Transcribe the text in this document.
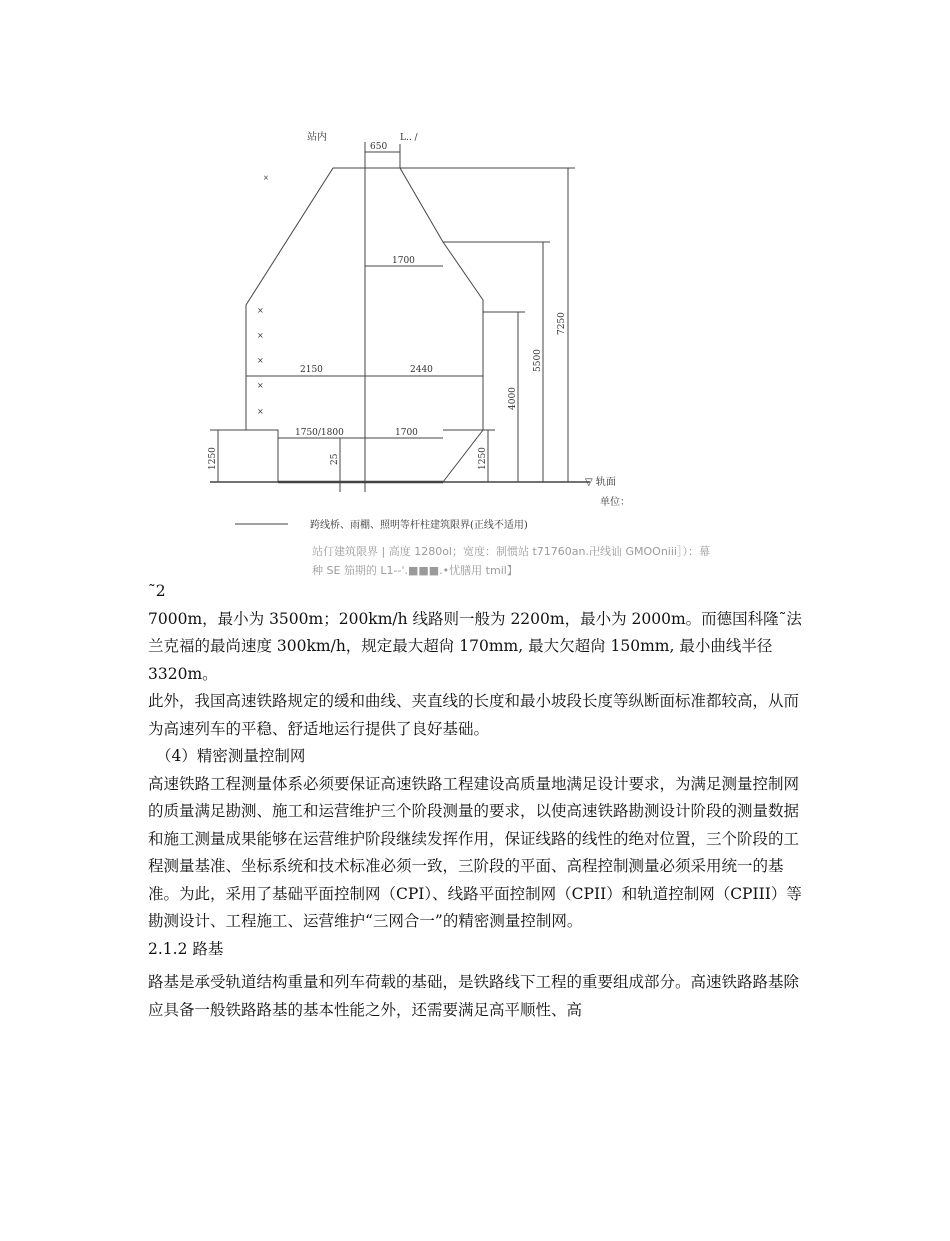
×
×
×
×
×
×
站内	L.. /
650
1700
2150	2440
1750/1800	1700
25
1250	1250
4000
5500
7250
▽ 轨面
单位：
跨线桥、雨棚、照明等杆柱建筑限界(正线不适用)
站仃建筑限界 | 高度 1280ol；宽度：制惯站 t71760an.卍线讪 GMOOniii］）：幕
种 SE 笳期的 L1--'.■■■.•忧膳用 tmil】

˜2

7000m，最小为 3500m；200km/h 线路则一般为 2200m，最小为 2000m。而德国科隆˜法兰克福的最尚速度 300km/h，规定最大超尙 170mm, 最大欠超尙 150mm, 最小曲线半径 3320m。

此外，我国高速铁路规定的缓和曲线、夹直线的长度和最小坡段长度等纵断面标准都较高，从而为高速列车的平稳、舒适地运行提供了良好基础。

（4）精密测量控制网

高速铁路工程测量体系必须要保证高速铁路工程建设高质量地满足设计要求，为满足测量控制网的质量满足勘测、施工和运营维护三个阶段测量的要求，以使高速铁路勘测设计阶段的测量数据和施工测量成果能够在运营维护阶段继续发挥作用，保证线路的线性的绝对位置，三个阶段的工程测量基准、坐标系统和技术标准必须一致，三阶段的平面、高程控制测量必须采用统一的基准。为此，采用了基础平面控制网（CPⅠ）、线路平面控制网（CPII）和轨道控制网（CPIII）等勘测设计、工程施工、运营维护“三网合一”的精密测量控制网。

2.1.2 路基

路基是承受轨道结构重量和列车荷载的基础，是铁路线下工程的重要组成部分。高速铁路路基除应具备一般铁路路基的基本性能之外，还需要满足高平顺性、高
